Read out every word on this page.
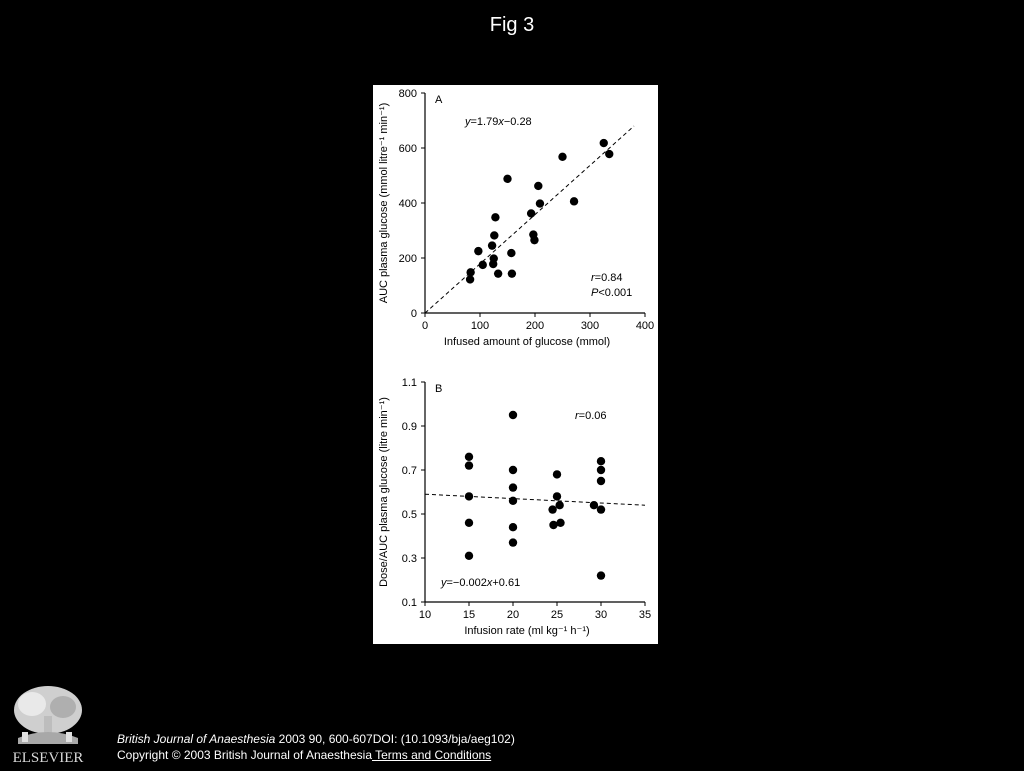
Fig 3
0
200
400
600
800
0	100	200	300	400
Infused amount of glucose (mmol)
AUC plasma glucose (mmol litre⁻¹ min⁻¹)
A
y=1.79x−0.28
r=0.84
P<0.001
0.1
0.3
0.5
0.7
0.9
1.1
10	15	20	25	30	35
Infusion rate (ml kg⁻¹ h⁻¹)
Dose/AUC plasma glucose (litre min⁻¹)
B
y=−0.002x+0.61
r=0.06
ELSEVIER
British Journal of Anaesthesia 2003 90, 600-607DOI: (10.1093/bja/aeg102)
Copyright © 2003 British Journal of Anaesthesia Terms and Conditions
